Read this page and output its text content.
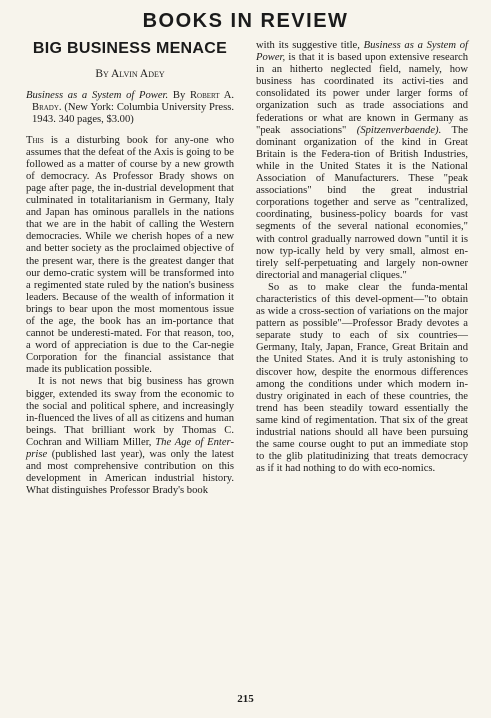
BOOKS IN REVIEW
BIG BUSINESS MENACE
By Alvin Adey
Business as a System of Power. By Robert A. Brady. (New York: Columbia University Press. 1943. 340 pages, $3.00)

This is a disturbing book for any-one who assumes that the defeat of the Axis is going to be followed as a matter of course by a new growth of democracy. As Professor Brady shows on page after page, the in-dustrial development that culminated in totalitarianism in Germany, Italy and Japan has ominous parallels in the nations that we are in the habit of calling the Western democracies. While we cherish hopes of a new and better society as the proclaimed objective of the present war, there is the greatest danger that our demo-cratic system will be transformed into a regimented state ruled by the nation's business leaders. Because of the wealth of information it brings to bear upon the most momentous issue of the age, the book has an im-portance that cannot be underesti-mated. For that reason, too, a word of appreciation is due to the Car-negie Corporation for the financial assistance that made its publication possible.

It is not news that big business has grown bigger, extended its sway from the economic to the social and political sphere, and increasingly in-fluenced the lives of all as citizens and human beings. That brilliant work by Thomas C. Cochran and William Miller, The Age of Enter-prise (published last year), was only the latest and most comprehensive contribution on this development in American industrial history. What distinguishes Professor Brady's book

with its suggestive title, Business as a System of Power, is that it is based upon extensive research in an hitherto neglected field, namely, how business has coordinated its activi-ties and consolidated its power under larger forms of organization such as trade associations and federations or what are known in Germany as "peak associations" (Spitzenverbaende). The dominant organization of the kind in Great Britain is the Federa-tion of British Industries, while in the United States it is the National Association of Manufacturers. These "peak associations" bind the great industrial corporations together and serve as "centralized, coordinating, business-policy boards for vast segments of the several national economies," with control gradually narrowed down "until it is now typ-ically held by very small, almost en-tirely self-perpetuating and largely non-owner directorial and managerial cliques."

So as to make clear the funda-mental characteristics of this devel-opment—"to obtain as wide a cross-section of variations on the major pattern as possible"—Professor Brady devotes a separate study to each of six countries—Germany, Italy, Japan, France, Great Britain and the United States. And it is truly astonishing to discover how, despite the enormous differences among the conditions under which modern in-dustry originated in each of these countries, the trend has been steadily toward essentially the same kind of regimentation. That six of the great industrial nations should all have been pursuing the same course ought to put an immediate stop to the glib platitudinizing that treats democracy as if it had nothing to do with eco-nomics.

215
